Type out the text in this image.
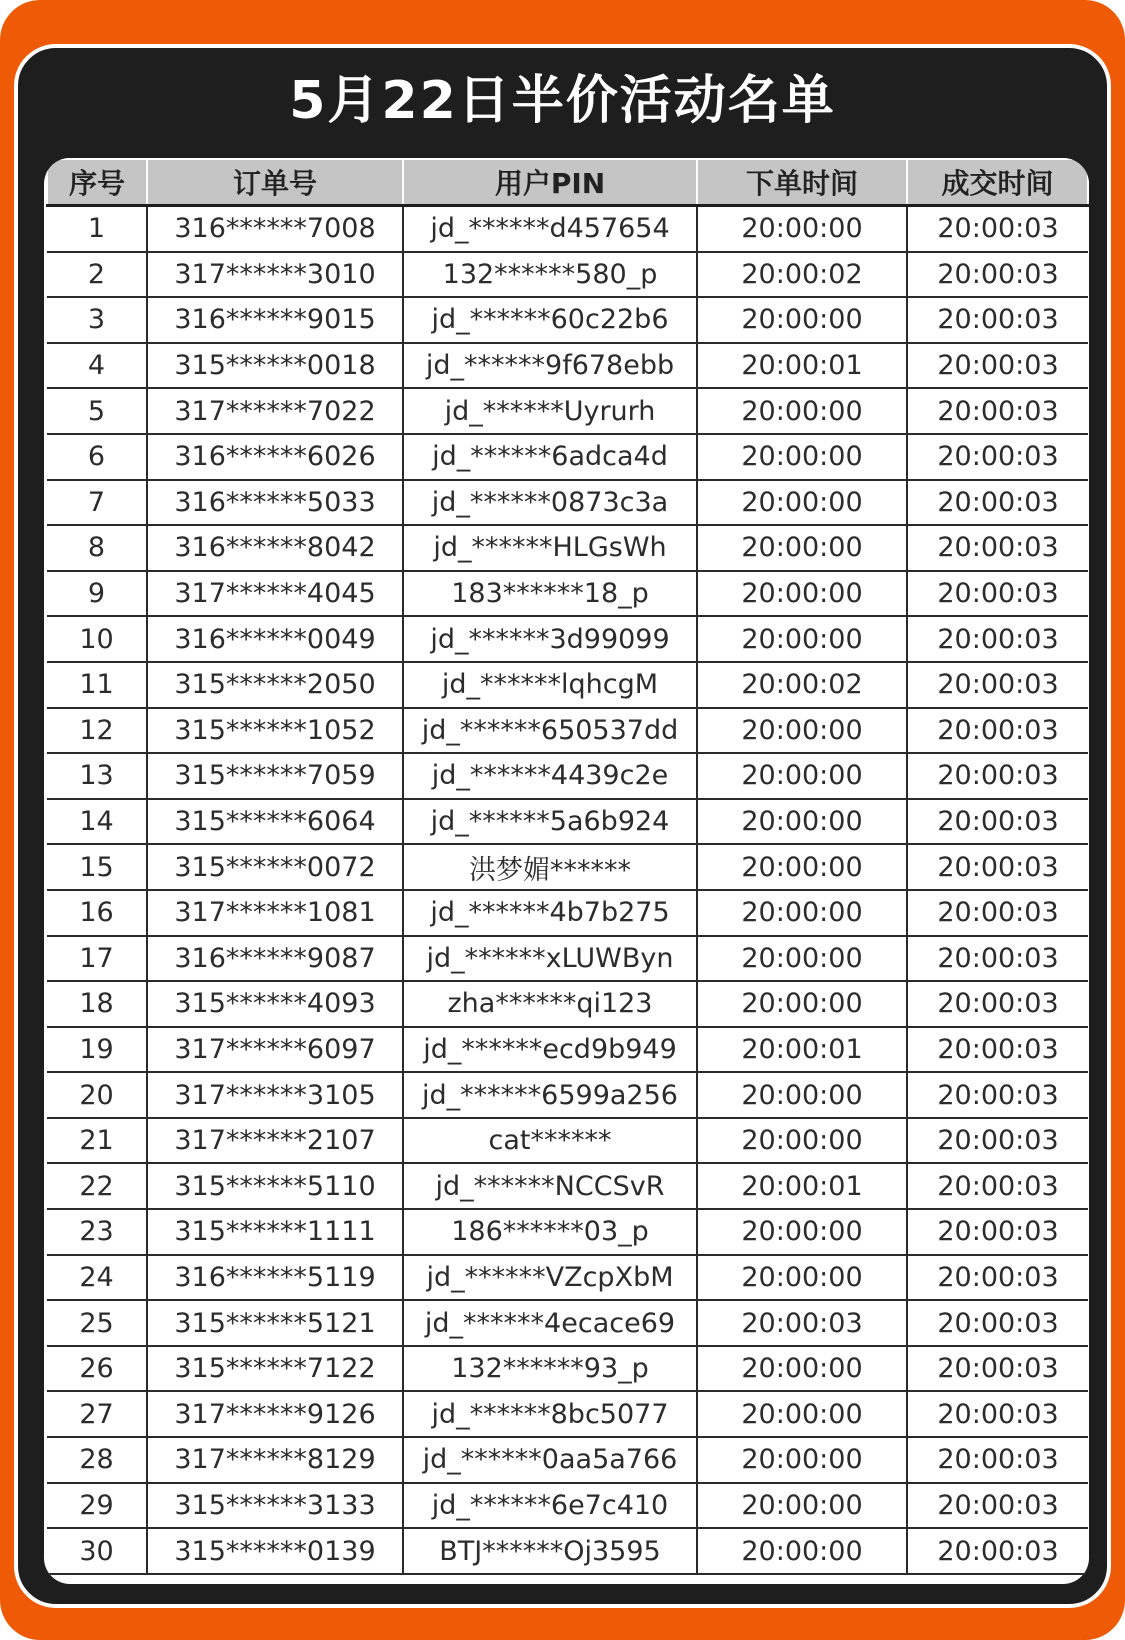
5月22日半价活动名单
序号	订单号	用户PIN	下单时间	成交时间
1	316******7008	jd_******d457654	20:00:00	20:00:03
2	317******3010	132******580_p	20:00:02	20:00:03
3	316******9015	jd_******60c22b6	20:00:00	20:00:03
4	315******0018	jd_******9f678ebb	20:00:01	20:00:03
5	317******7022	jd_******Uyrurh	20:00:00	20:00:03
6	316******6026	jd_******6adca4d	20:00:00	20:00:03
7	316******5033	jd_******0873c3a	20:00:00	20:00:03
8	316******8042	jd_******HLGsWh	20:00:00	20:00:03
9	317******4045	183******18_p	20:00:00	20:00:03
10	316******0049	jd_******3d99099	20:00:00	20:00:03
11	315******2050	jd_******lqhcgM	20:00:02	20:00:03
12	315******1052	jd_******650537dd	20:00:00	20:00:03
13	315******7059	jd_******4439c2e	20:00:00	20:00:03
14	315******6064	jd_******5a6b924	20:00:00	20:00:03
15	315******0072	洪梦媚******	20:00:00	20:00:03
16	317******1081	jd_******4b7b275	20:00:00	20:00:03
17	316******9087	jd_******xLUWByn	20:00:00	20:00:03
18	315******4093	zha******qi123	20:00:00	20:00:03
19	317******6097	jd_******ecd9b949	20:00:01	20:00:03
20	317******3105	jd_******6599a256	20:00:00	20:00:03
21	317******2107	cat******	20:00:00	20:00:03
22	315******5110	jd_******NCCSvR	20:00:01	20:00:03
23	315******1111	186******03_p	20:00:00	20:00:03
24	316******5119	jd_******VZcpXbM	20:00:00	20:00:03
25	315******5121	jd_******4ecace69	20:00:03	20:00:03
26	315******7122	132******93_p	20:00:00	20:00:03
27	317******9126	jd_******8bc5077	20:00:00	20:00:03
28	317******8129	jd_******0aa5a766	20:00:00	20:00:03
29	315******3133	jd_******6e7c410	20:00:00	20:00:03
30	315******0139	BTJ******Oj3595	20:00:00	20:00:03
